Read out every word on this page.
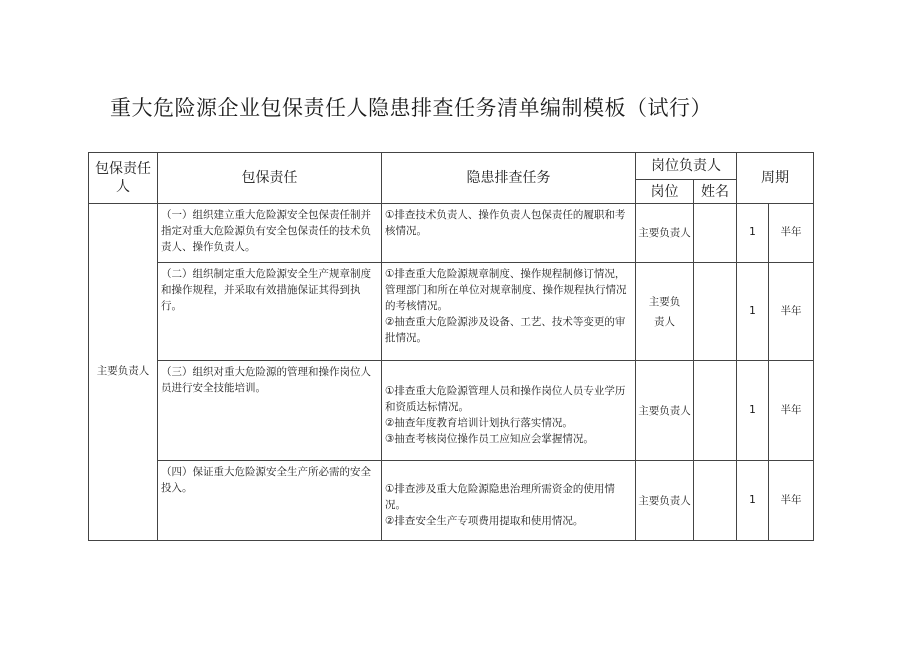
重大危险源企业包保责任人隐患排查任务清单编制模板（试行）
包保责任人	包保责任	隐患排查任务	岗位负责人		周期	
			岗位	姓名		
主要负责人	（一）组织建立重大危险源安全包保责任制并指定对重大危险源负有安全包保责任的技术负责人、操作负责人。	①排查技术负责人、操作负责人包保责任的履职和考核情况。	主要负责人		1	半年
	（二）组织制定重大危险源安全生产规章制度和操作规程，并采取有效措施保证其得到执行。	①排查重大危险源规章制度、操作规程制修订情况，管理部门和所在单位对规章制度、操作规程执行情况的考核情况。
②抽查重大危险源涉及设备、工艺、技术等变更的审批情况。	主要负责人		1	半年
	（三）组织对重大危险源的管理和操作岗位人员进行安全技能培训。	①排查重大危险源管理人员和操作岗位人员专业学历和资质达标情况。
②抽查年度教育培训计划执行落实情况。
③抽查考核岗位操作员工应知应会掌握情况。	主要负责人		1	半年
	（四）保证重大危险源安全生产所必需的安全投入。	①排查涉及重大危险源隐患治理所需资金的使用情况。
②排查安全生产专项费用提取和使用情况。	主要负责人		1	半年
